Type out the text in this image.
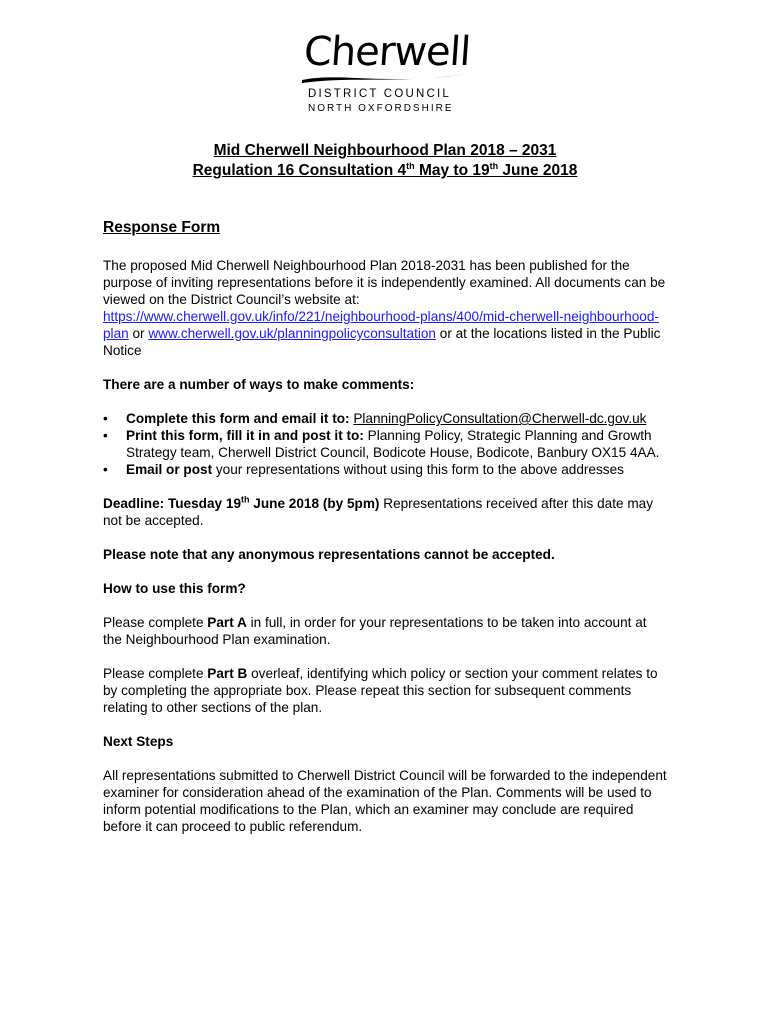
Cherwell
DISTRICT COUNCIL
NORTH OXFORDSHIRE
Mid Cherwell Neighbourhood Plan 2018 – 2031
Regulation 16 Consultation 4th May to 19th June 2018
Response Form

The proposed Mid Cherwell Neighbourhood Plan 2018-2031 has been published for the purpose of inviting representations before it is independently examined. All documents can be viewed on the District Council’s website at: https://www.cherwell.gov.uk/info/221/neighbourhood-plans/400/mid-cherwell-neighbourhood-plan or www.cherwell.gov.uk/planningpolicyconsultation or at the locations listed in the Public Notice

There are a number of ways to make comments:

• Complete this form and email it to: PlanningPolicyConsultation@Cherwell-dc.gov.uk
• Print this form, fill it in and post it to: Planning Policy, Strategic Planning and Growth Strategy team, Cherwell District Council, Bodicote House, Bodicote, Banbury OX15 4AA.
• Email or post your representations without using this form to the above addresses

Deadline: Tuesday 19th June 2018 (by 5pm) Representations received after this date may not be accepted.

Please note that any anonymous representations cannot be accepted.

How to use this form?

Please complete Part A in full, in order for your representations to be taken into account at the Neighbourhood Plan examination.

Please complete Part B overleaf, identifying which policy or section your comment relates to by completing the appropriate box. Please repeat this section for subsequent comments relating to other sections of the plan.

Next Steps

All representations submitted to Cherwell District Council will be forwarded to the independent examiner for consideration ahead of the examination of the Plan. Comments will be used to inform potential modifications to the Plan, which an examiner may conclude are required before it can proceed to public referendum.
